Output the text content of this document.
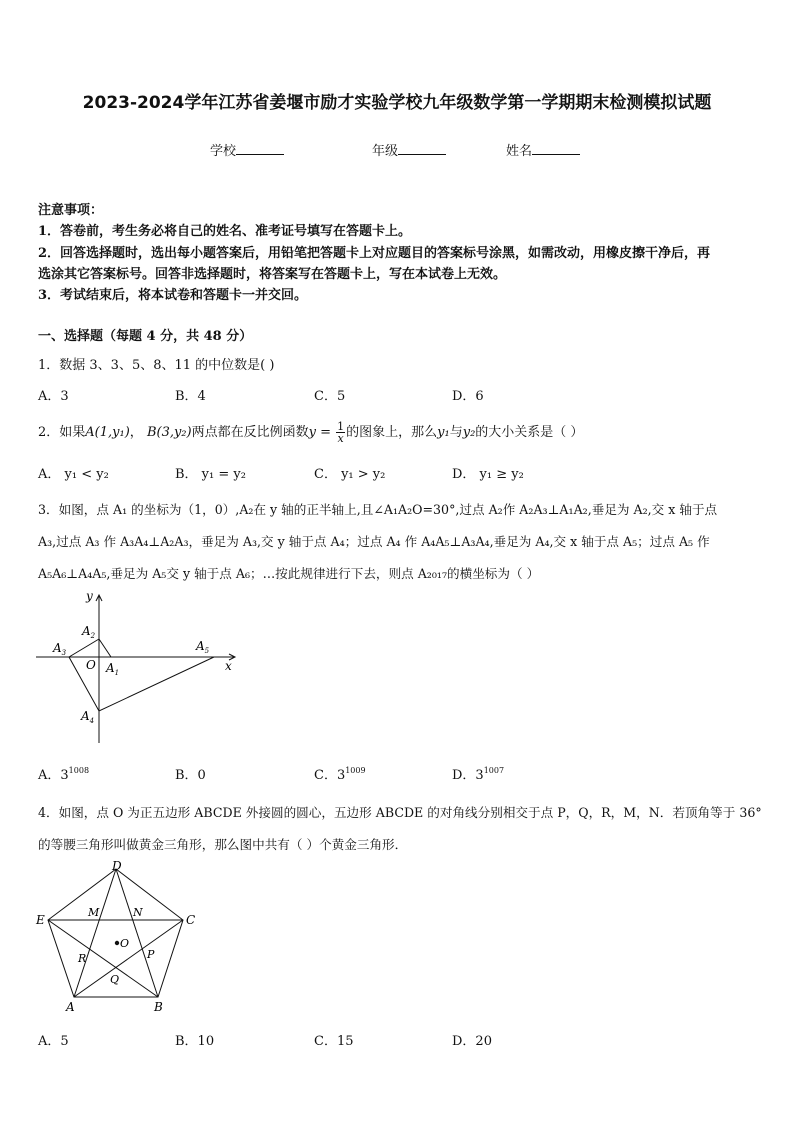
2023-2024学年江苏省姜堰市励才实验学校九年级数学第一学期期末检测模拟试题
学校	年级	姓名
注意事项：
1．答卷前，考生务必将自己的姓名、准考证号填写在答题卡上。
2．回答选择题时，选出每小题答案后，用铅笔把答题卡上对应题目的答案标号涂黑，如需改动，用橡皮擦干净后，再
选涂其它答案标号。回答非选择题时，将答案写在答题卡上，写在本试卷上无效。
3．考试结束后，将本试卷和答题卡一并交回。
一、选择题（每题 4 分，共 48 分）
1．数据 3、3、5、8、11 的中位数是( )
A．3	B．4	C．5	D．6
2．如果A(1,y₁)， B(3,y₂)两点都在反比例函数$y = \frac{1}{x}$ 的图象上，那么y₁与y₂的大小关系是（ ）
A． y₁ < y₂	B． y₁ = y₂	C． y₁ > y₂	D． y₁ ≥ y₂
3．如图，点 A₁ 的坐标为（1，0）,A₂在 y 轴的正半轴上,且∠A₁A₂O=30°,过点 A₂作 A₂A₃⊥A₁A₂,垂足为 A₂,交 x 轴于点
A₃,过点 A₃ 作 A₃A₄⊥A₂A₃，垂足为 A₃,交 y 轴于点 A₄；过点 A₄ 作 A₄A₅⊥A₃A₄,垂足为 A₄,交 x 轴于点 A₅；过点 A₅ 作
A₅A₆⊥A₄A₅,垂足为 A₅交 y 轴于点 A₆；…按此规律进行下去，则点 A₂₀₁₇的横坐标为（ ）
y
x
O $A_1$
$A_2$
$A_3$
$A_4$
$A_5$
A．$3^{1008}$	B．0	C．$3^{1009}$	D．$3^{1007}$
4．如图，点 O 为正五边形 ABCDE 外接圆的圆心，五边形 ABCDE 的对角线分别相交于点 P，Q，R，M，N．若顶角等于 36°
的等腰三角形叫做黄金三角形，那么图中共有（ ）个黄金三角形．
D
C
B
A
E
M	N
O
P
Q
R
A．5	B．10	C．15	D．20
